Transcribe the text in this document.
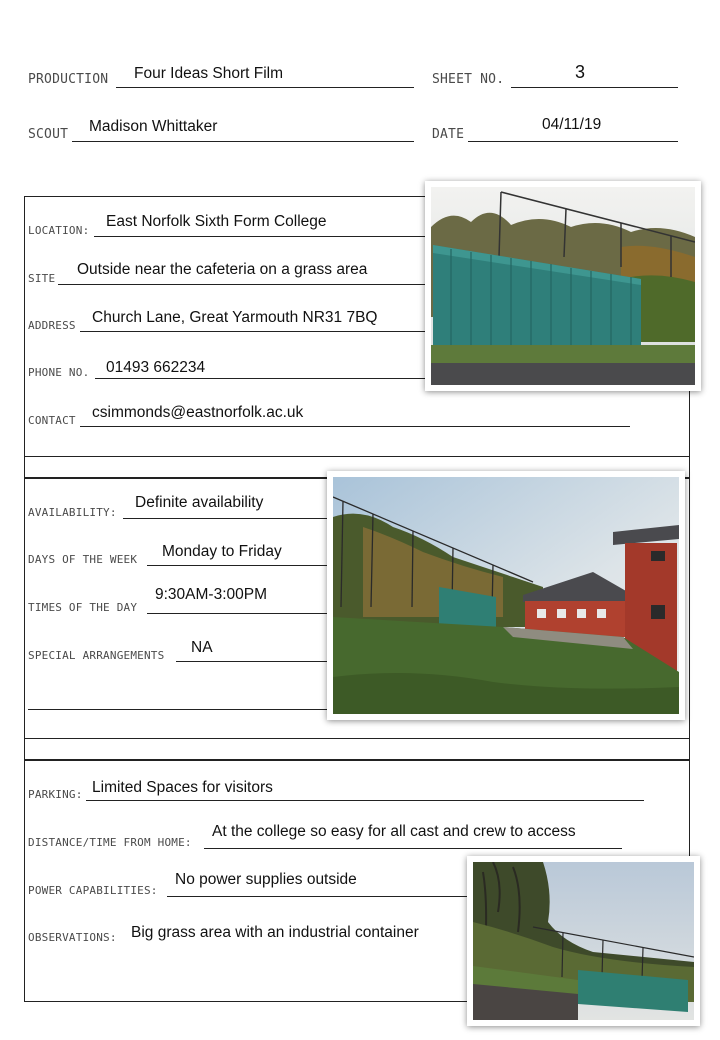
PRODUCTION Four Ideas Short Film	SHEET NO.	3
SCOUT Madison Whittaker	DATE
04/11/19
LOCATION:
East Norfolk Sixth Form College
SITE
Outside near the cafeteria on a grass area
ADDRESS Church Lane, Great Yarmouth NR31 7BQ
PHONE NO. 01493 662234
CONTACT csimmonds@eastnorfolk.ac.uk
AVAILABILITY:
Definite availability
DAYS OF THE WEEK Monday to Friday
TIMES OF THE DAY
9:30AM-3:00PM
SPECIAL ARRANGEMENTS NA
PARKING: Limited Spaces for visitors
DISTANCE/TIME FROM HOME:
At the college so easy for all cast and crew to access
POWER CAPABILITIES:
No power supplies outside
OBSERVATIONS: Big grass area with an industrial container
